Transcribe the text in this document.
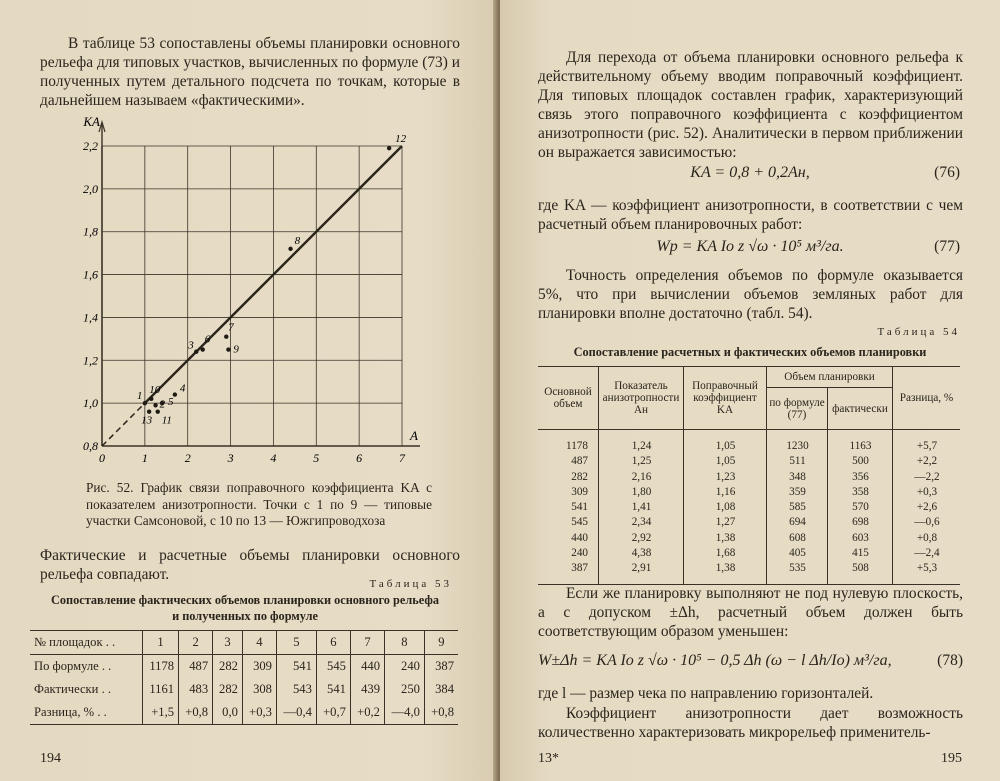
В таблице 53 сопоставлены объемы планировки основного рельефа для типовых участков, вычисленных по формуле (73) и полученных путем детального подсчета по точкам, которые в дальнейшем называем «фактическими».

KA
A
0,8
1,0
1,2
1,4
1,6
1,8
2,0
2,2
0	1	2	3	4	5	6	7
12
8
7
9
3
6
4
10
1 5
2
13 11

Рис. 52. График связи поправочного коэффициента KA с показателем анизотропности. Точки с 1 по 9 — типовые участки Самсоновой, с 10 по 13 — Южгипроводхоза

Фактические и расчетные объемы планировки основного рельефа совпадают.

Таблица 53
Сопоставление фактических объемов планировки основного рельефа и полученных по формуле
№ площадок . .	1	2	3	4	5	6	7	8	9
По формуле . .	1178	487	282	309	541	545	440	240	387
Фактически . .	1161	483	282	308	543	541	439	250	384
Разница, % . .	+1,5	+0,8	0,0	+0,3	—0,4	+0,7	+0,2	—4,0	+0,8
194

Для перехода от объема планировки основного рельефа к действительному объему вводим поправочный коэффициент. Для типовых площадок составлен график, характеризующий связь этого поправочного коэффициента с коэффициентом анизотропности (рис. 52). Аналитически в первом приближении он выражается зависимостью:

KA = 0,8 + 0,2Aн,	(76)

где KA — коэффициент анизотропности, в соответствии с чем расчетный объем планировочных работ:

Wр = KA Iо z √ω · 10⁵ м³/га.	(77)

Точность определения объемов по формуле оказывается 5%, что при вычислении объемов земляных работ для планировки вполне достаточно (табл. 54).

Таблица 54
Сопоставление расчетных и фактических объемов планировки
Основной объем	Показатель анизотропности Aн	Поправочный коэффициент KA	Объем планировки		Разница, %
			по формуле (77)	фактически	
1178	1,24	1,05	1230	1163	+5,7
487	1,25	1,05	511	500	+2,2
282	2,16	1,23	348	356	—2,2
309	1,80	1,16	359	358	+0,3
541	1,41	1,08	585	570	+2,6
545	2,34	1,27	694	698	—0,6
440	2,92	1,38	608	603	+0,8
240	4,38	1,68	405	415	—2,4
387	2,91	1,38	535	508	+5,3

Если же планировку выполняют не под нулевую плоскость, а с допуском ±Δh, расчетный объем должен быть соответствующим образом уменьшен:

W±Δh = KA Iо z √ω · 10⁵ − 0,5 Δh (ω − l Δh/Iо) м³/га,	(78)

где l — размер чека по направлению горизонталей.

Коэффициент анизотропности дает возможность количественно характеризовать микрорельеф применитель-

13*	195
